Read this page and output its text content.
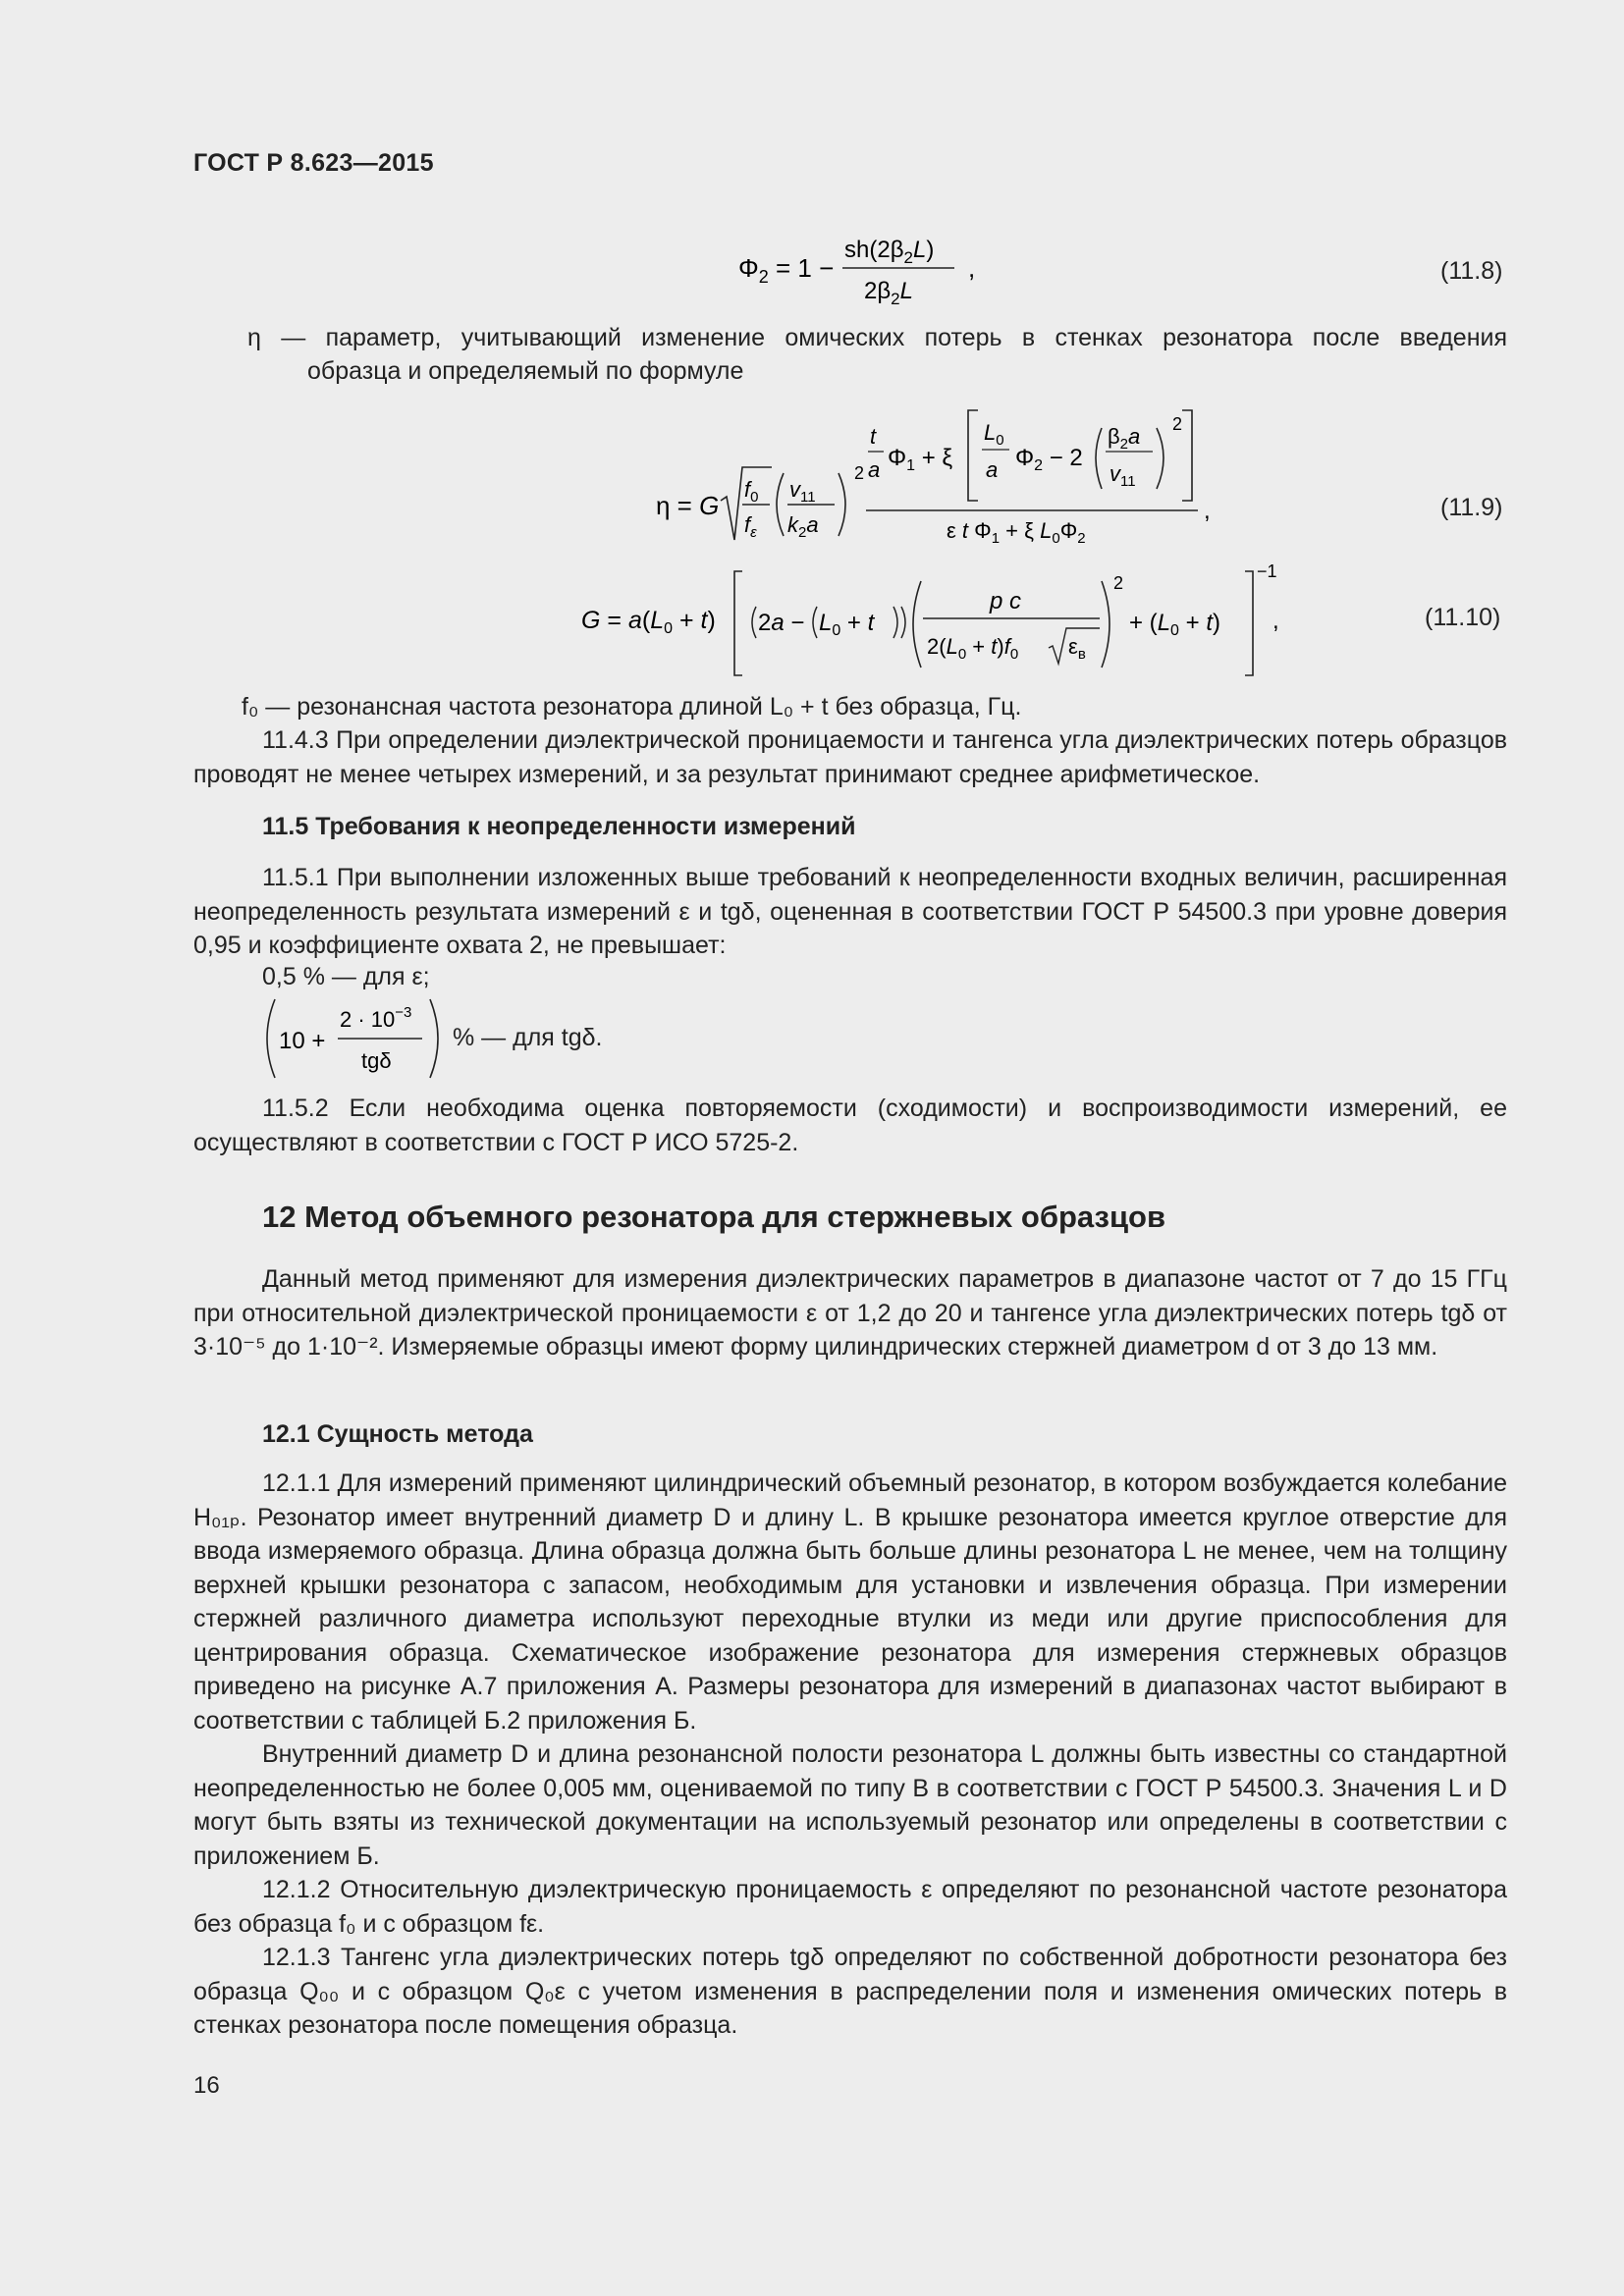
ГОСТ Р 8.623—2015
$\Phi_2 = 1$ −
$sh(2\beta_2L)$
$2\beta_2L$
,	(11.8)
η — параметр, учитывающий изменение омических потерь в стенках резонатора после введения
образца и определяемый по формуле
η = G
$f_0$
$f_\varepsilon$
$v_{11}$
$k_2a$
2
t
a $\Phi_1 + \xi$
$L_0$
a $\Phi_2 - 2$
$\beta_2a$
$v_{11}$
2
ε t $\Phi_1 + \xi$ $L_0\Phi_2$
,	(11.9)
$G = a(L_0 + t) 2a - L_0 + t$
p c
$2(L_0 + t)f_0$ $\varepsilon_в$
2
+ $(L_0 + t)$
−1
,	(11.10)
f₀ — резонансная частота резонатора длиной L₀ + t без образца, Гц.
11.4.3 При определении диэлектрической проницаемости и тангенса угла диэлектрических потерь образцов проводят не менее четырех измерений, и за результат принимают среднее арифметическое.
11.5 Требования к неопределенности измерений
11.5.1 При выполнении изложенных выше требований к неопределенности входных величин, расширенная неопределенность результата измерений ε и tgδ, оцененная в соответствии ГОСТ Р 54500.3 при уровне доверия 0,95 и коэффициенте охвата 2, не превышает:
0,5 % — для ε;
10 +
$2 \cdot 10^{-3}$
tgδ
% — для tgδ.
11.5.2 Если необходима оценка повторяемости (сходимости) и воспроизводимости измерений, ее осуществляют в соответствии с ГОСТ Р ИСО 5725-2.
12 Метод объемного резонатора для стержневых образцов
Данный метод применяют для измерения диэлектрических параметров в диапазоне частот от 7 до 15 ГГц при относительной диэлектрической проницаемости ε от 1,2 до 20 и тангенсе угла диэлектрических потерь tgδ от 3·10⁻⁵ до 1·10⁻². Измеряемые образцы имеют форму цилиндрических стержней диаметром d от 3 до 13 мм.
12.1 Сущность метода
12.1.1 Для измерений применяют цилиндрический объемный резонатор, в котором возбуждается колебание H₀₁ₚ. Резонатор имеет внутренний диаметр D и длину L. В крышке резонатора имеется круглое отверстие для ввода измеряемого образца. Длина образца должна быть больше длины резонатора L не менее, чем на толщину верхней крышки резонатора с запасом, необходимым для установки и извлечения образца. При измерении стержней различного диаметра используют переходные втулки из меди или другие приспособления для центрирования образца. Схематическое изображение резонатора для измерения стержневых образцов приведено на рисунке А.7 приложения А. Размеры резонатора для измерений в диапазонах частот выбирают в соответствии с таблицей Б.2 приложения Б.
Внутренний диаметр D и длина резонансной полости резонатора L должны быть известны со стандартной неопределенностью не более 0,005 мм, оцениваемой по типу В в соответствии с ГОСТ Р 54500.3. Значения L и D могут быть взяты из технической документации на используемый резонатор или определены в соответствии с приложением Б.
12.1.2 Относительную диэлектрическую проницаемость ε определяют по резонансной частоте резонатора без образца f₀ и с образцом fε.
12.1.3 Тангенс угла диэлектрических потерь tgδ определяют по собственной добротности резонатора без образца Q₀₀ и с образцом Q₀ε с учетом изменения в распределении поля и изменения омических потерь в стенках резонатора после помещения образца.
16
